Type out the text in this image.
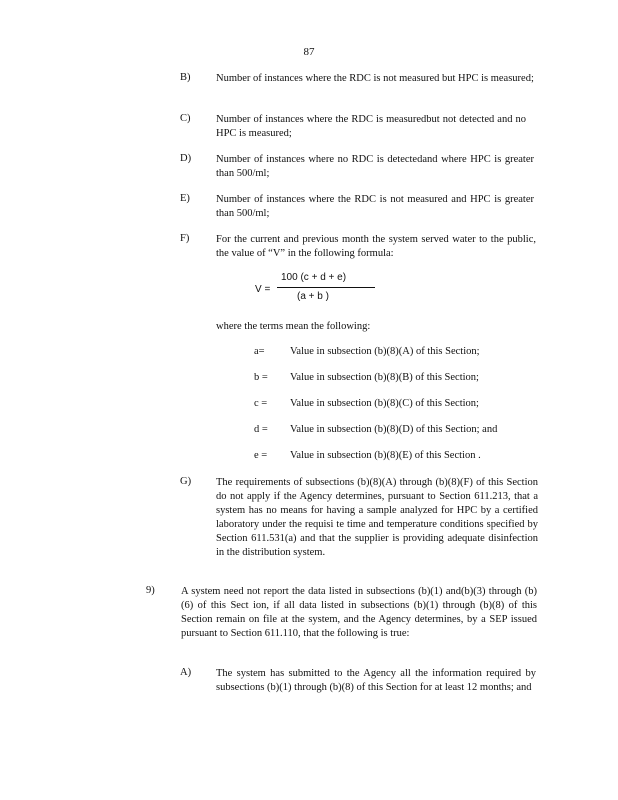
87
B) Number of instances where the RDC is not measured but HPC is measured;
C) Number of instances where the RDC is measuredbut not detected and no HPC is measured;
D) Number of instances where no RDC is detectedand where HPC is greater than 500/ml;
E) Number of instances where the RDC is not measured and HPC is greater than 500/ml;
F)	For the current and previous month the system served water to the public, the value of “V” in the following formula:
V =
100 (c + d + e)
(a + b )
where the terms mean the following:
a= Value in subsection (b)(8)(A) of this Section;
b = Value in subsection (b)(8)(B) of this Section;
c = Value in subsection (b)(8)(C) of this Section;
d = Value in subsection (b)(8)(D) of this Section; and
e = Value in subsection (b)(8)(E) of this Section .
G) The requirements of subsections (b)(8)(A) through (b)(8)(F) of this Section do not apply if the Agency determines, pursuant to Section 611.213, that a system has no means for having a sample analyzed for HPC by a certified laboratory under the requisi te time and temperature conditions specified by Section 611.531(a) and that the supplier is providing adequate disinfection in the distribution system.
9)	A system need not report the data listed in subsections (b)(1) and(b)(3) through (b)(6) of this Sect ion, if all data listed in subsections (b)(1) through (b)(8) of this Section remain on file at the system, and the Agency determines, by a SEP issued pursuant to Section 611.110, that the following is true:
A) The system has submitted to the Agency all the information required by subsections (b)(1) through (b)(8) of this Section for at least 12 months; and
